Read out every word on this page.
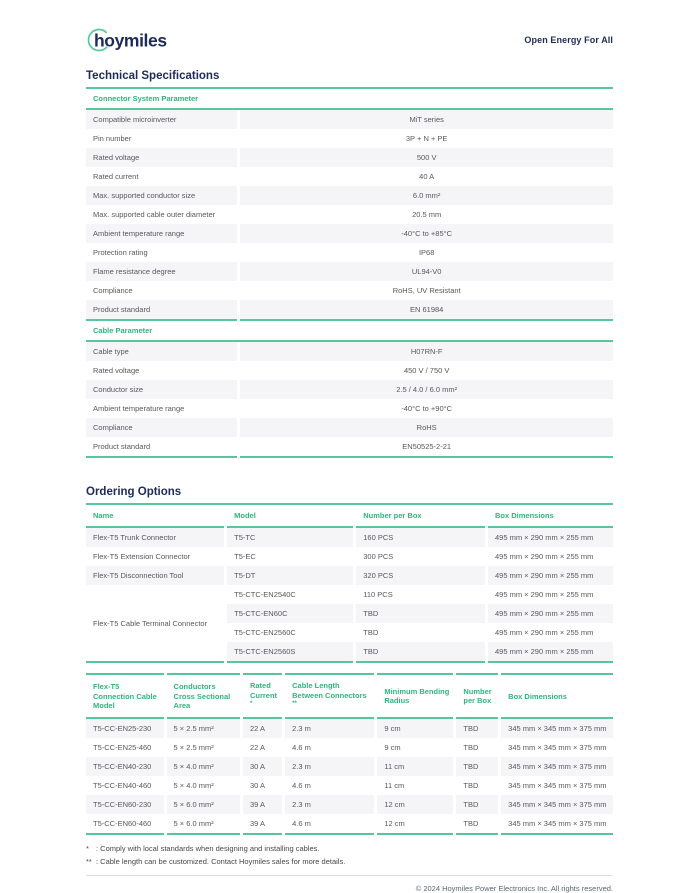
hoymiles	Open Energy For All
Technical Specifications
Connector System Parameter
Compatible microinverter	MiT series
Pin number	3P + N + PE
Rated voltage	500 V
Rated current	40 A
Max. supported conductor size	6.0 mm²
Max. supported cable outer diameter	20.5 mm
Ambient temperature range	-40°C to +85°C
Protection rating	IP68
Flame resistance degree	UL94-V0
Compliance	RoHS, UV Resistant
Product standard	EN 61984
Cable Parameter
Cable type	H07RN-F
Rated voltage	450 V / 750 V
Conductor size	2.5 / 4.0 / 6.0 mm²
Ambient temperature range	-40°C to +90°C
Compliance	RoHS
Product standard	EN50525-2-21
Ordering Options
Name	Model	Number per Box	Box Dimensions
Flex-T5 Trunk Connector	T5-TC	160 PCS	495 mm × 290 mm × 255 mm
Flex-T5 Extension Connector	T5-EC	300 PCS	495 mm × 290 mm × 255 mm
Flex-T5 Disconnection Tool	T5-DT	320 PCS	495 mm × 290 mm × 255 mm
Flex-T5 Cable Terminal Connector	T5-CTC-EN2540C	110 PCS	495 mm × 290 mm × 255 mm
	T5-CTC-EN60C	TBD	495 mm × 290 mm × 255 mm
	T5-CTC-EN2560C	TBD	495 mm × 290 mm × 255 mm
	T5-CTC-EN2560S	TBD	495 mm × 290 mm × 255 mm
Flex-T5 Connection Cable Model	Conductors Cross Sectional Area	Rated Current *	Cable Length Between Connectors **	Minimum Bending Radius	Number per Box	Box Dimensions
T5-CC-EN25-230	5 × 2.5 mm²	22 A	2.3 m	9 cm	TBD	345 mm × 345 mm × 375 mm
T5-CC-EN25-460	5 × 2.5 mm²	22 A	4.6 m	9 cm	TBD	345 mm × 345 mm × 375 mm
T5-CC-EN40-230	5 × 4.0 mm²	30 A	2.3 m	11 cm	TBD	345 mm × 345 mm × 375 mm
T5-CC-EN40-460	5 × 4.0 mm²	30 A	4.6 m	11 cm	TBD	345 mm × 345 mm × 375 mm
T5-CC-EN60-230	5 × 6.0 mm²	39 A	2.3 m	12 cm	TBD	345 mm × 345 mm × 375 mm
T5-CC-EN60-460	5 × 6.0 mm²	39 A	4.6 m	12 cm	TBD	345 mm × 345 mm × 375 mm
* : Comply with local standards when designing and installing cables.
** : Cable length can be customized. Contact Hoymiles sales for more details.
© 2024 Hoymiles Power Electronics Inc. All rights reserved.
